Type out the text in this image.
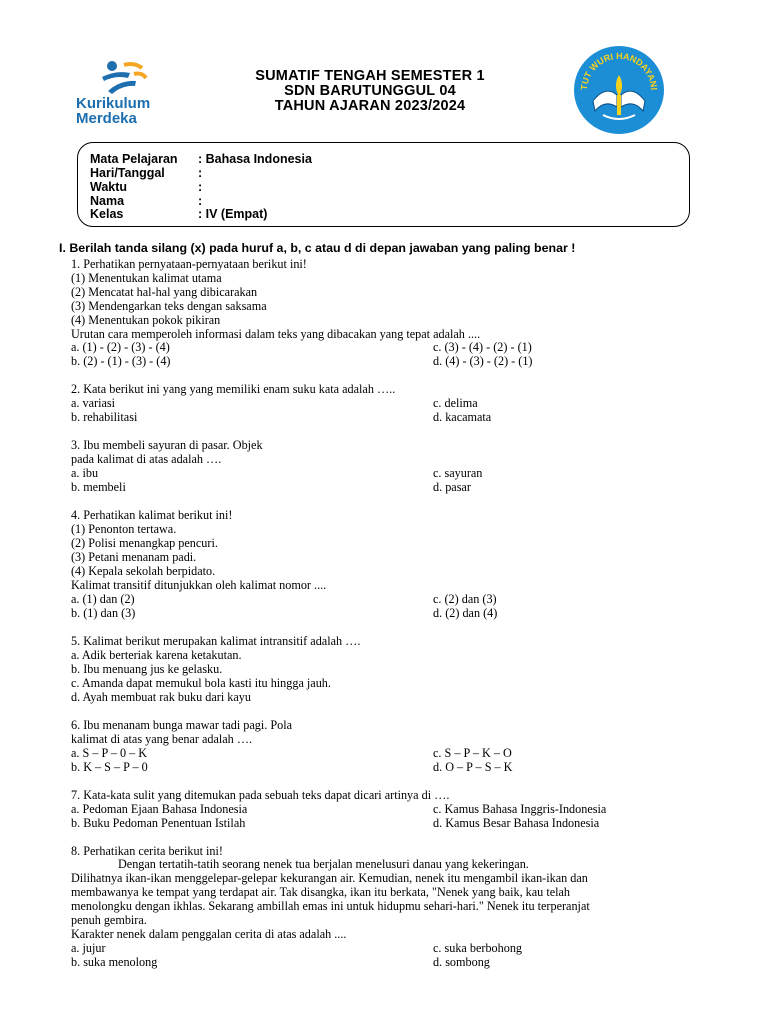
Kurikulum
Merdeka
SUMATIF TENGAH SEMESTER 1
SDN BARUTUNGGUL 04
TAHUN AJARAN 2023/2024
TUT WURI HANDAYANI
Mata Pelajaran : Bahasa Indonesia
Hari/Tanggal	:
Waktu	:
Nama	:
Kelas	: IV (Empat)
I. Berilah tanda silang (x) pada huruf a, b, c atau d di depan jawaban yang paling benar !
1. Perhatikan pernyataan-pernyataan berikut ini!
(1) Menentukan kalimat utama
(2) Mencatat hal-hal yang dibicarakan
(3) Mendengarkan teks dengan saksama
(4) Menentukan pokok pikiran
Urutan cara memperoleh informasi dalam teks yang dibacakan yang tepat adalah ....
a. (1) - (2) - (3) - (4)	c. (3) - (4) - (2) - (1)
b. (2) - (1) - (3) - (4)	d. (4) - (3) - (2) - (1)
2. Kata berikut ini yang yang memiliki enam suku kata adalah …..
a. variasi	c. delima
b. rehabilitasi	d. kacamata
3. Ibu membeli sayuran di pasar. Objek
pada kalimat di atas adalah ….
a. ibu	c. sayuran
b. membeli	d. pasar
4. Perhatikan kalimat berikut ini!
(1) Penonton tertawa.
(2) Polisi menangkap pencuri.
(3) Petani menanam padi.
(4) Kepala sekolah berpidato.
Kalimat transitif ditunjukkan oleh kalimat nomor ....
a. (1) dan (2)	c. (2) dan (3)
b. (1) dan (3)	d. (2) dan (4)
5. Kalimat berikut merupakan kalimat intransitif adalah ….
a. Adik berteriak karena ketakutan.
b. Ibu menuang jus ke gelasku.
c. Amanda dapat memukul bola kasti itu hingga jauh.
d. Ayah membuat rak buku dari kayu
6. Ibu menanam bunga mawar tadi pagi. Pola
kalimat di atas yang benar adalah ….
a. S – P – 0 – K	c. S – P – K – O
b. K – S – P – 0	d. O – P – S – K
7. Kata-kata sulit yang ditemukan pada sebuah teks dapat dicari artinya di ….
a. Pedoman Ejaan Bahasa Indonesia	c. Kamus Bahasa Inggris-Indonesia
b. Buku Pedoman Penentuan Istilah	d. Kamus Besar Bahasa Indonesia
8. Perhatikan cerita berikut ini!
Dengan tertatih-tatih seorang nenek tua berjalan menelusuri danau yang kekeringan.
Dilihatnya ikan-ikan menggelepar-gelepar kekurangan air. Kemudian, nenek itu mengambil ikan-ikan dan
membawanya ke tempat yang terdapat air. Tak disangka, ikan itu berkata, "Nenek yang baik, kau telah
menolongku dengan ikhlas. Sekarang ambillah emas ini untuk hidupmu sehari-hari." Nenek itu terperanjat
penuh gembira.
Karakter nenek dalam penggalan cerita di atas adalah ....
a. jujur	c. suka berbohong
b. suka menolong	d. sombong
